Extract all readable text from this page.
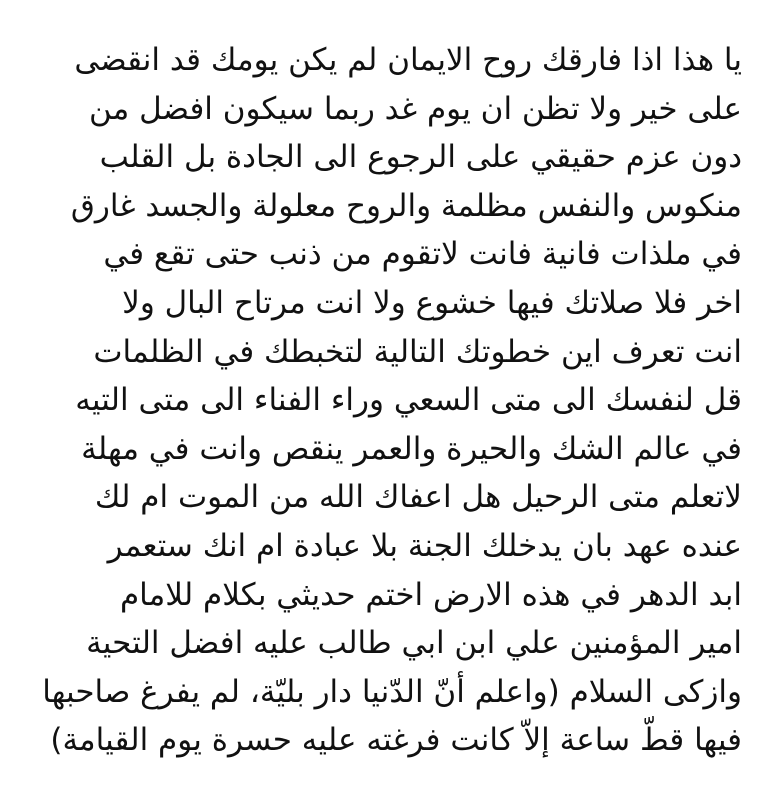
يا هذا اذا فارقك روح الايمان لم يكن يومك قد انقضى
على خير ولا تظن ان يوم غد ربما سيكون افضل من
دون عزم حقيقي على الرجوع الى الجادة بل القلب
منكوس والنفس مظلمة والروح معلولة والجسد غارق
في ملذات فانية فانت لاتقوم من ذنب حتى تقع في
اخر فلا صلاتك فيها خشوع ولا انت مرتاح البال ولا
انت تعرف اين خطوتك التالية لتخبطك في الظلمات
قل لنفسك الى متى السعي وراء الفناء الى متى التيه
في عالم الشك والحيرة والعمر ينقص وانت في مهلة
لاتعلم متى الرحيل هل اعفاك الله من الموت ام لك
عنده عهد بان يدخلك الجنة بلا عبادة ام انك ستعمر
ابد الدهر في هذه الارض اختم حديثي بكلام للامام
امير المؤمنين علي ابن ابي طالب عليه افضل التحية
وازكى السلام (واعلم أنّ الدّنيا دار بليّة، لم يفرغ صاحبها
فيها قطّ ساعة إلاّ كانت فرغته عليه حسرة يوم القيامة)
